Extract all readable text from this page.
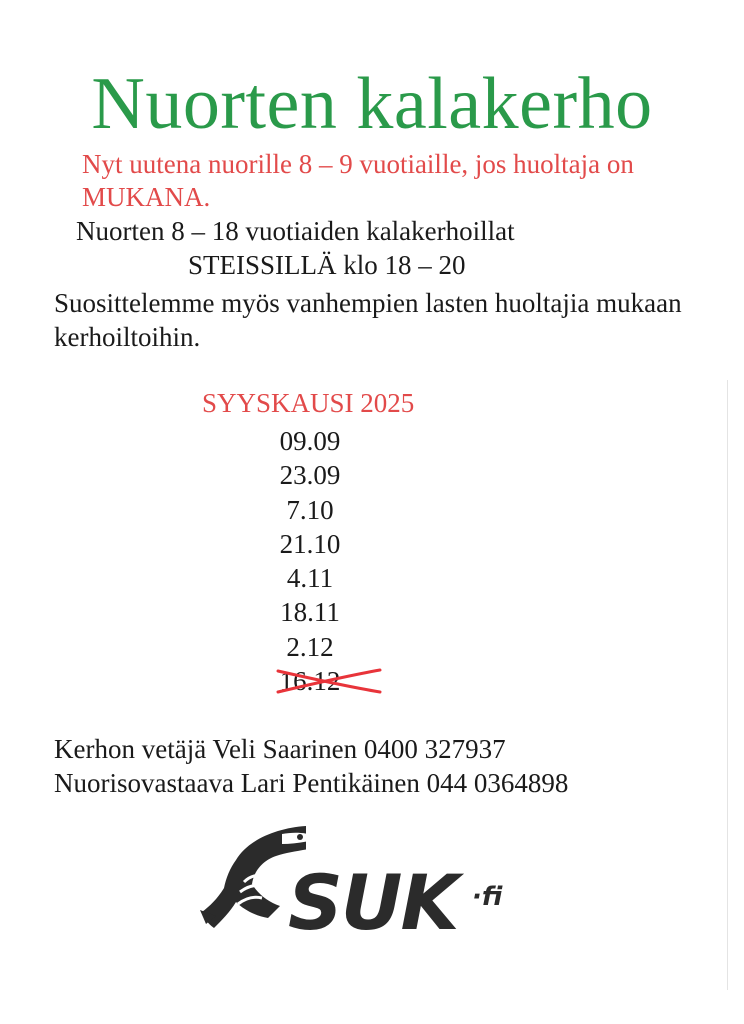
Nuorten kalakerho
Nyt uutena nuorille 8 – 9 vuotiaille, jos huoltaja on MUKANA.
Nuorten 8 – 18 vuotiaiden kalakerhoillat
STEISSILLÄ klo 18 – 20
Suosittelemme myös vanhempien lasten huoltajia mukaan kerhoiltoihin.
SYYSKAUSI 2025
09.09
23.09
7.10
21.10
4.11
18.11
2.12
16.12
Kerhon vetäjä Veli Saarinen 0400 327937
Nuorisovastaava Lari Pentikäinen 044 0364898
SUK ·fi
